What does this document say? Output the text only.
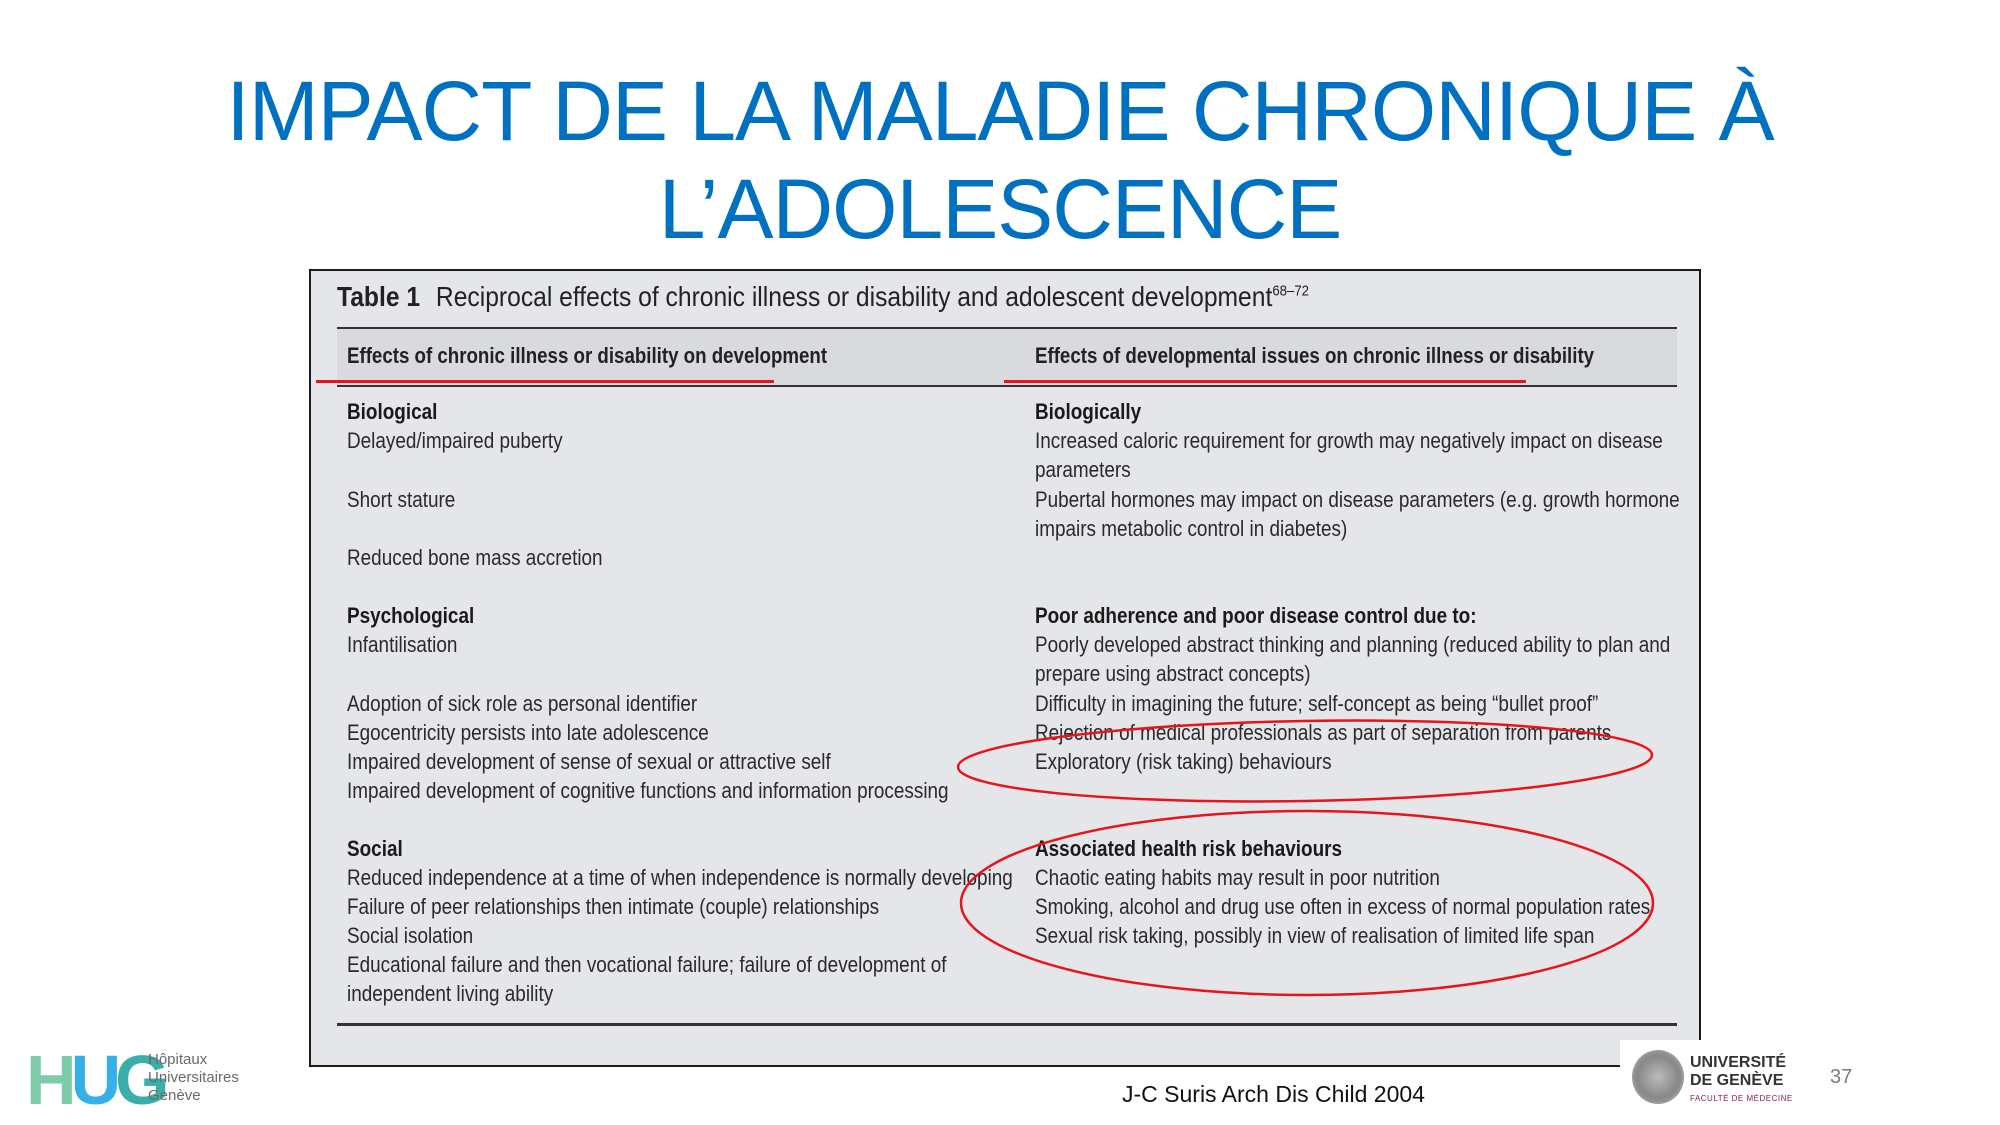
IMPACT DE LA MALADIE CHRONIQUE À
L’ADOLESCENCE
Table 1 Reciprocal effects of chronic illness or disability and adolescent development$^{68-72}$
Effects of chronic illness or disability on development	Effects of developmental issues on chronic illness or disability
Biological
Delayed/impaired puberty
Short stature
Reduced bone mass accretion
Psychological
Infantilisation
Adoption of sick role as personal identifier
Egocentricity persists into late adolescence
Impaired development of sense of sexual or attractive self
Impaired development of cognitive functions and information processing
Social
Reduced independence at a time of when independence is normally developing
Failure of peer relationships then intimate (couple) relationships
Social isolation
Educational failure and then vocational failure; failure of development of
independent living ability
Biologically
Increased caloric requirement for growth may negatively impact on disease
parameters
Pubertal hormones may impact on disease parameters (e.g. growth hormone
impairs metabolic control in diabetes)
Poor adherence and poor disease control due to:
Poorly developed abstract thinking and planning (reduced ability to plan and
prepare using abstract concepts)
Difficulty in imagining the future; self-concept as being “bullet proof”
Rejection of medical professionals as part of separation from parents
Exploratory (risk taking) behaviours
Associated health risk behaviours
Chaotic eating habits may result in poor nutrition
Smoking, alcohol and drug use often in excess of normal population rates
Sexual risk taking, possibly in view of realisation of limited life span
HUG
Hôpitaux
Universitaires
Genève	J-C Suris Arch Dis Child 2004
UNIVERSITÉ
DE GENÈVE
FACULTÉ DE MÉDECINE
37
